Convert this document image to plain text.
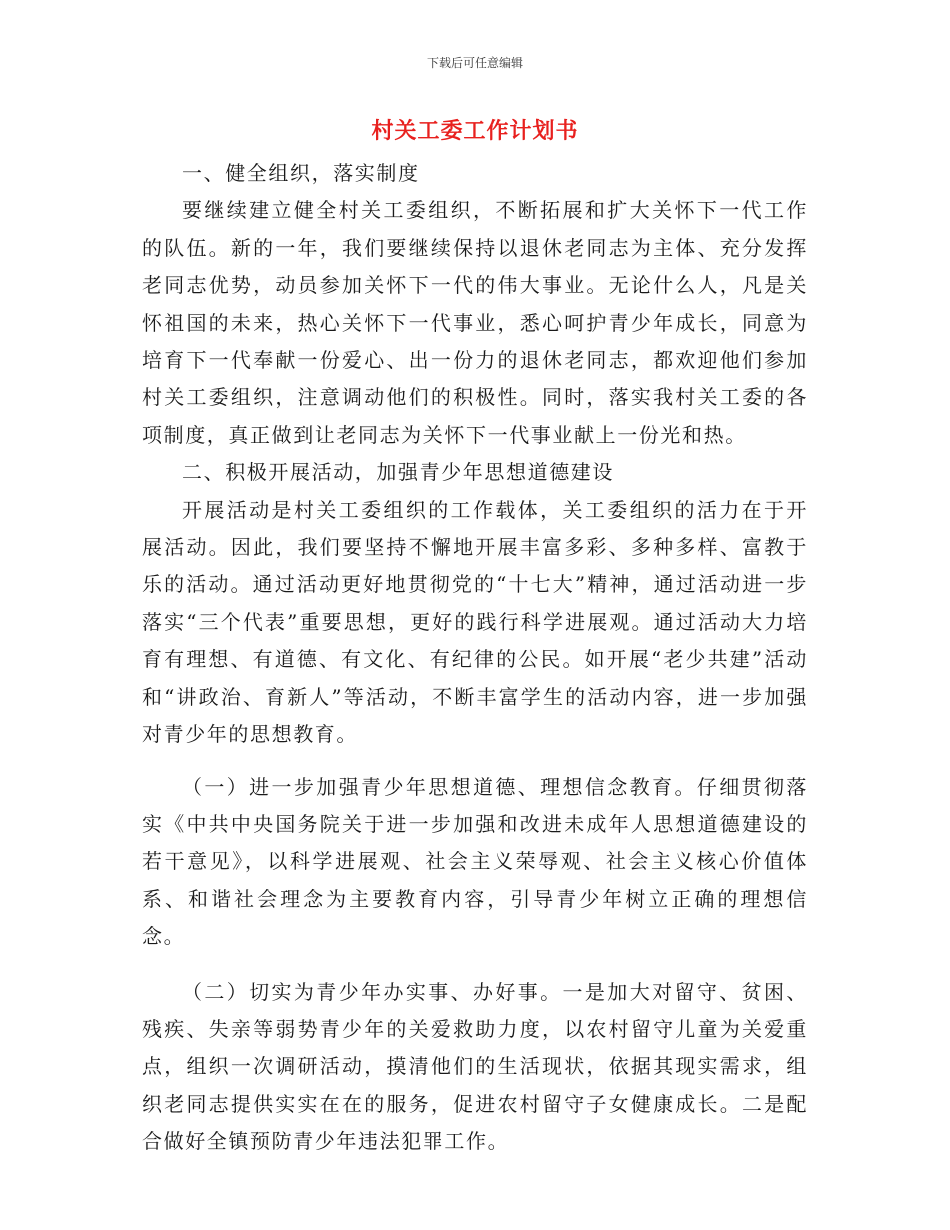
下载后可任意编辑
村关工委工作计划书

一、健全组织，落实制度

要继续建立健全村关工委组织，不断拓展和扩大关怀下一代工作的队伍。新的一年，我们要继续保持以退休老同志为主体、充分发挥老同志优势，动员参加关怀下一代的伟大事业。无论什么人，凡是关怀祖国的未来，热心关怀下一代事业，悉心呵护青少年成长，同意为培育下一代奉献一份爱心、出一份力的退休老同志，都欢迎他们参加村关工委组织，注意调动他们的积极性。同时，落实我村关工委的各项制度，真正做到让老同志为关怀下一代事业献上一份光和热。

二、积极开展活动，加强青少年思想道德建设

开展活动是村关工委组织的工作载体，关工委组织的活力在于开展活动。因此，我们要坚持不懈地开展丰富多彩、多种多样、富教于乐的活动。通过活动更好地贯彻党的“十七大”精神，通过活动进一步落实“三个代表”重要思想，更好的践行科学进展观。通过活动大力培育有理想、有道德、有文化、有纪律的公民。如开展“老少共建”活动和“讲政治、育新人”等活动，不断丰富学生的活动内容，进一步加强对青少年的思想教育。

（一）进一步加强青少年思想道德、理想信念教育。仔细贯彻落实《中共中央国务院关于进一步加强和改进未成年人思想道德建设的若干意见》，以科学进展观、社会主义荣辱观、社会主义核心价值体系、和谐社会理念为主要教育内容，引导青少年树立正确的理想信念。

（二）切实为青少年办实事、办好事。一是加大对留守、贫困、残疾、失亲等弱势青少年的关爱救助力度，以农村留守儿童为关爱重点，组织一次调研活动，摸清他们的生活现状，依据其现实需求，组织老同志提供实实在在的服务，促进农村留守子女健康成长。二是配合做好全镇预防青少年违法犯罪工作。
